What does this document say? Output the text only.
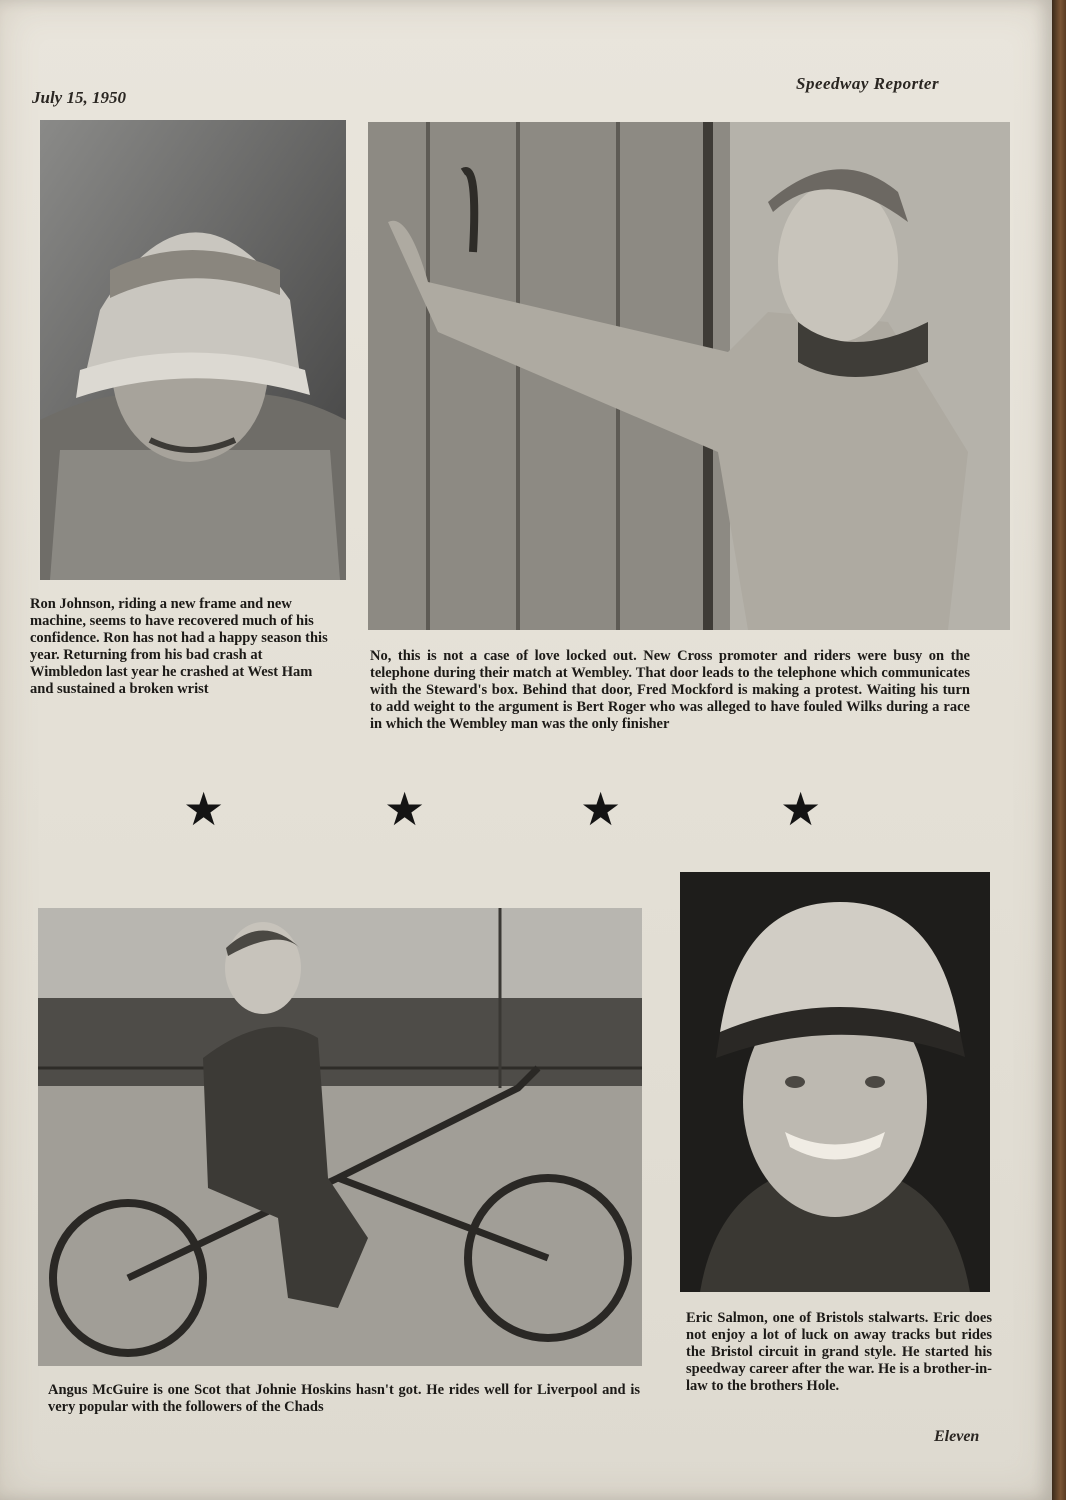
July 15, 1950
Speedway Reporter
Ron Johnson, riding a new frame and new machine, seems to have recovered much of his confidence. Ron has not had a happy season this year. Returning from his bad crash at Wimbledon last year he crashed at West Ham and sustained a broken wrist
No, this is not a case of love locked out. New Cross promoter and riders were busy on the telephone during their match at Wembley. That door leads to the telephone which communicates with the Steward's box. Behind that door, Fred Mockford is making a protest. Waiting his turn to add weight to the argument is Bert Roger who was alleged to have fouled Wilks during a race in which the Wembley man was the only finisher
★	★	★	★
Angus McGuire is one Scot that Johnie Hoskins hasn't got. He rides well for Liverpool and is very popular with the followers of the Chads
Eric Salmon, one of Bristols stalwarts. Eric does not enjoy a lot of luck on away tracks but rides the Bristol circuit in grand style. He started his speedway career after the war. He is a brother-in-law to the brothers Hole.
Eleven
